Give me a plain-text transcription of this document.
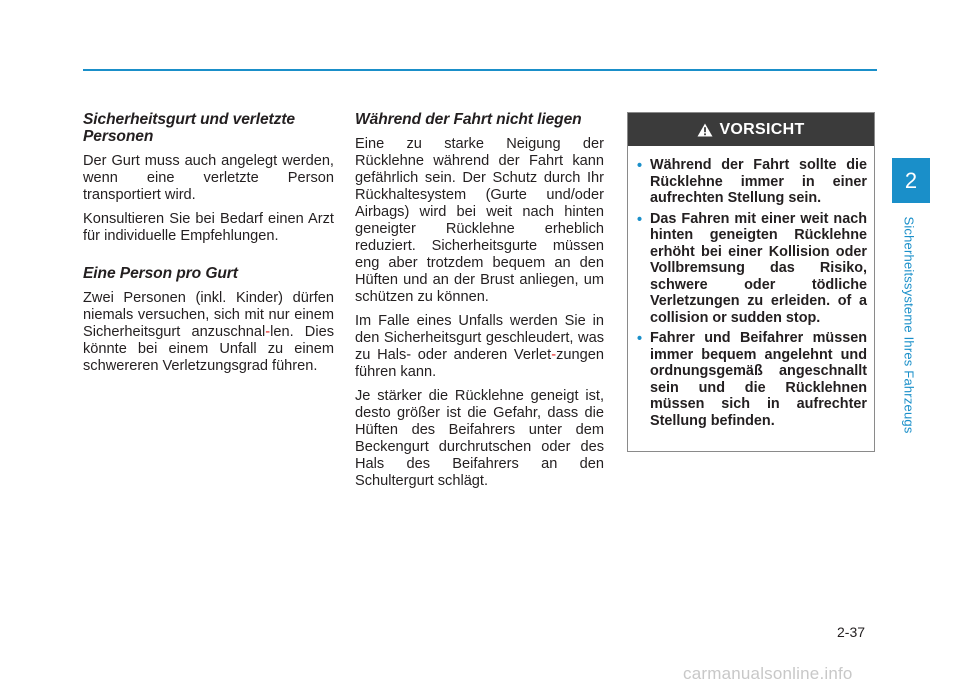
Sicherheitsgurt und verletzte
Personen

Der Gurt muss auch angelegt werden, wenn eine verletzte Person transportiert wird.

Konsultieren Sie bei Bedarf einen Arzt für individuelle Empfehlungen.

Eine Person pro Gurt

Zwei Personen (inkl. Kinder) dürfen niemals versuchen, sich mit nur einem Sicherheitsgurt anzuschnal-len. Dies könnte bei einem Unfall zu einem schwereren Verletzungsgrad führen.

Während der Fahrt nicht liegen

Eine zu starke Neigung der Rücklehne während der Fahrt kann gefährlich sein. Der Schutz durch Ihr Rückhaltesystem (Gurte und/oder Airbags) wird bei weit nach hinten geneigter Rücklehne erheblich reduziert. Sicherheitsgurte müssen eng aber trotzdem bequem an den Hüften und an der Brust anliegen, um schützen zu können.

Im Falle eines Unfalls werden Sie in den Sicherheitsgurt geschleudert, was zu Hals- oder anderen Verlet-zungen führen kann.

Je stärker die Rücklehne geneigt ist, desto größer ist die Gefahr, dass die Hüften des Beifahrers unter dem Beckengurt durchrutschen oder des Hals des Beifahrers an den Schultergurt schlägt.

VORSICHT
• Während der Fahrt sollte die Rücklehne immer in einer aufrechten Stellung sein.
• Das Fahren mit einer weit nach hinten geneigten Rücklehne erhöht bei einer Kollision oder Vollbremsung das Risiko, schwere oder tödliche Verletzungen zu erleiden. of a collision or sudden stop.
• Fahrer und Beifahrer müssen immer bequem angelehnt und ordnungsgemäß angeschnallt sein und die Rücklehnen müssen sich in aufrechter Stellung befinden.
2
Sicherheitssysteme Ihres Fahrzeugs
2-37
carmanualsonline.info
